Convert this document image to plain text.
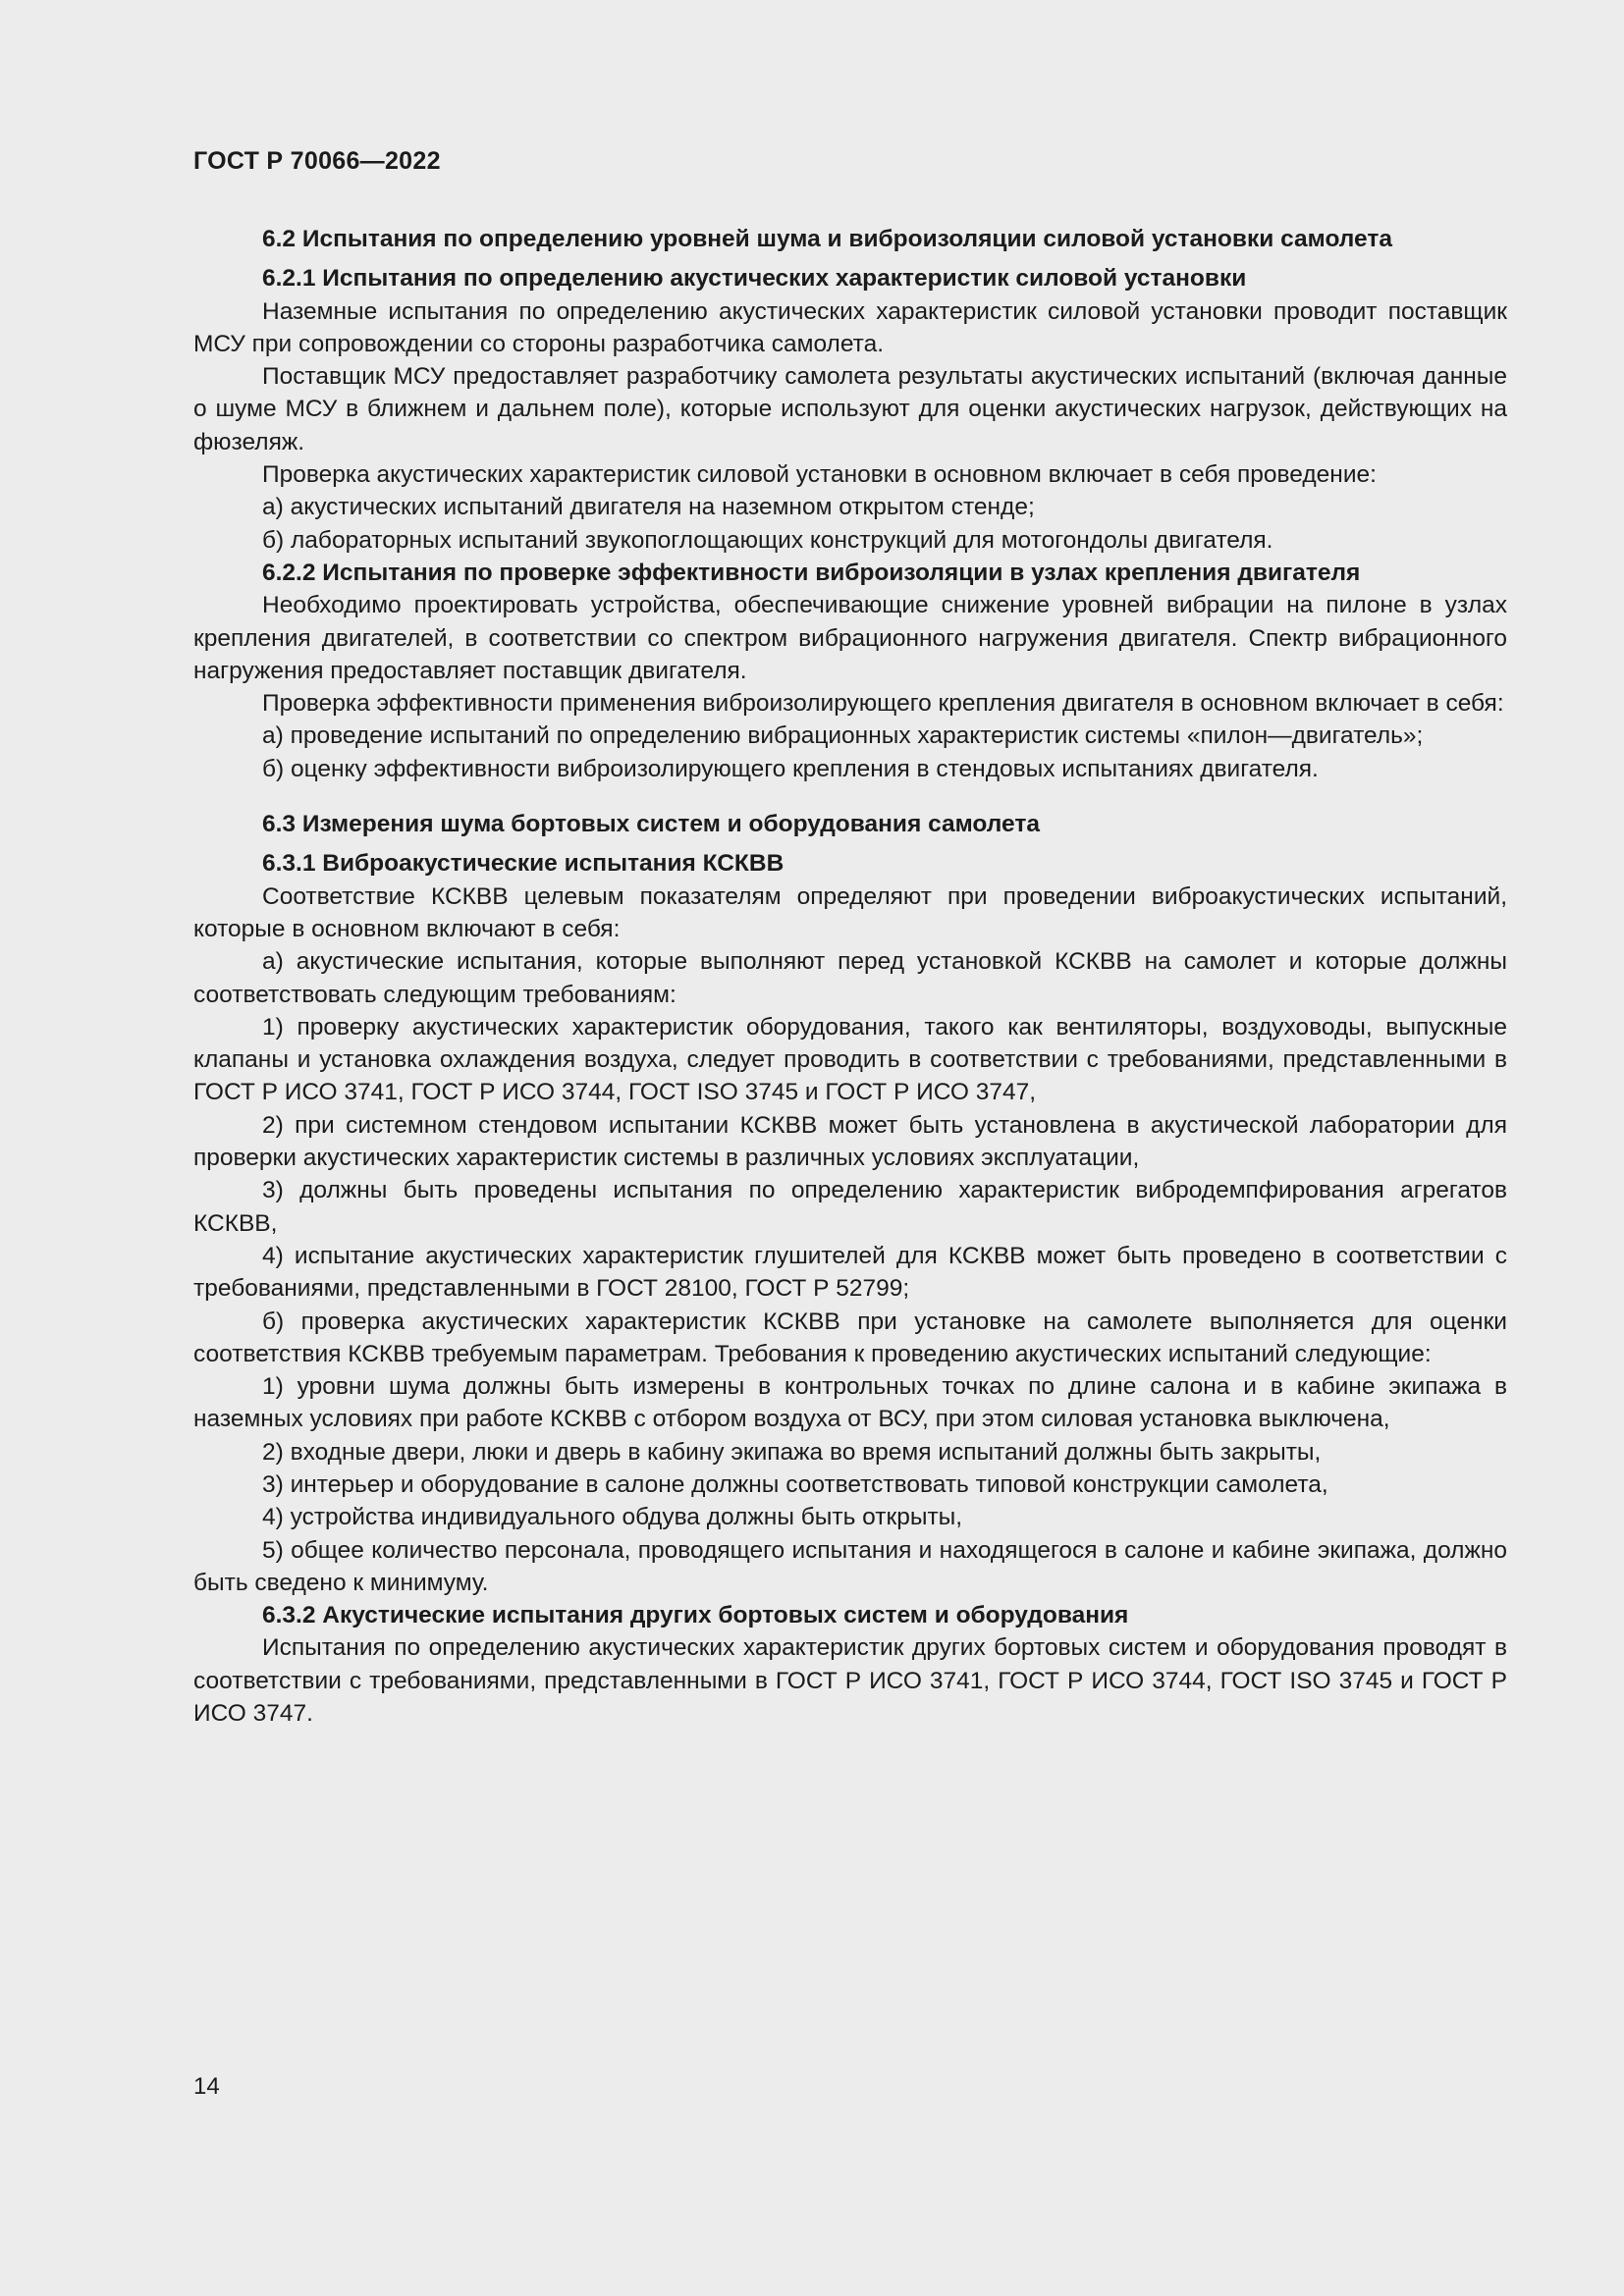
ГОСТ Р 70066—2022

6.2 Испытания по определению уровней шума и виброизоляции силовой установки самолета

6.2.1 Испытания по определению акустических характеристик силовой установки

Наземные испытания по определению акустических характеристик силовой установки проводит поставщик МСУ при сопровождении со стороны разработчика самолета.

Поставщик МСУ предоставляет разработчику самолета результаты акустических испытаний (включая данные о шуме МСУ в ближнем и дальнем поле), которые используют для оценки акустических нагрузок, действующих на фюзеляж.

Проверка акустических характеристик силовой установки в основном включает в себя проведение:

а) акустических испытаний двигателя на наземном открытом стенде;

б) лабораторных испытаний звукопоглощающих конструкций для мотогондолы двигателя.

6.2.2 Испытания по проверке эффективности виброизоляции в узлах крепления двигателя

Необходимо проектировать устройства, обеспечивающие снижение уровней вибрации на пилоне в узлах крепления двигателей, в соответствии со спектром вибрационного нагружения двигателя. Спектр вибрационного нагружения предоставляет поставщик двигателя.

Проверка эффективности применения виброизолирующего крепления двигателя в основном включает в себя:

а) проведение испытаний по определению вибрационных характеристик системы «пилон—двигатель»;

б) оценку эффективности виброизолирующего крепления в стендовых испытаниях двигателя.

6.3 Измерения шума бортовых систем и оборудования самолета

6.3.1 Виброакустические испытания КСКВВ

Соответствие КСКВВ целевым показателям определяют при проведении виброакустических испытаний, которые в основном включают в себя:

а) акустические испытания, которые выполняют перед установкой КСКВВ на самолет и которые должны соответствовать следующим требованиям:

1) проверку акустических характеристик оборудования, такого как вентиляторы, воздуховоды, выпускные клапаны и установка охлаждения воздуха, следует проводить в соответствии с требованиями, представленными в ГОСТ Р ИСО 3741, ГОСТ Р ИСО 3744, ГОСТ ISO 3745 и ГОСТ Р ИСО 3747,

2) при системном стендовом испытании КСКВВ может быть установлена в акустической лаборатории для проверки акустических характеристик системы в различных условиях эксплуатации,

3) должны быть проведены испытания по определению характеристик вибродемпфирования агрегатов КСКВВ,

4) испытание акустических характеристик глушителей для КСКВВ может быть проведено в соответствии с требованиями, представленными в ГОСТ 28100, ГОСТ Р 52799;

б) проверка акустических характеристик КСКВВ при установке на самолете выполняется для оценки соответствия КСКВВ требуемым параметрам. Требования к проведению акустических испытаний следующие:

1) уровни шума должны быть измерены в контрольных точках по длине салона и в кабине экипажа в наземных условиях при работе КСКВВ с отбором воздуха от ВСУ, при этом силовая установка выключена,

2) входные двери, люки и дверь в кабину экипажа во время испытаний должны быть закрыты,

3) интерьер и оборудование в салоне должны соответствовать типовой конструкции самолета,

4) устройства индивидуального обдува должны быть открыты,

5) общее количество персонала, проводящего испытания и находящегося в салоне и кабине экипажа, должно быть сведено к минимуму.

6.3.2 Акустические испытания других бортовых систем и оборудования

Испытания по определению акустических характеристик других бортовых систем и оборудования проводят в соответствии с требованиями, представленными в ГОСТ Р ИСО 3741, ГОСТ Р ИСО 3744, ГОСТ ISO 3745 и ГОСТ Р ИСО 3747.

14
